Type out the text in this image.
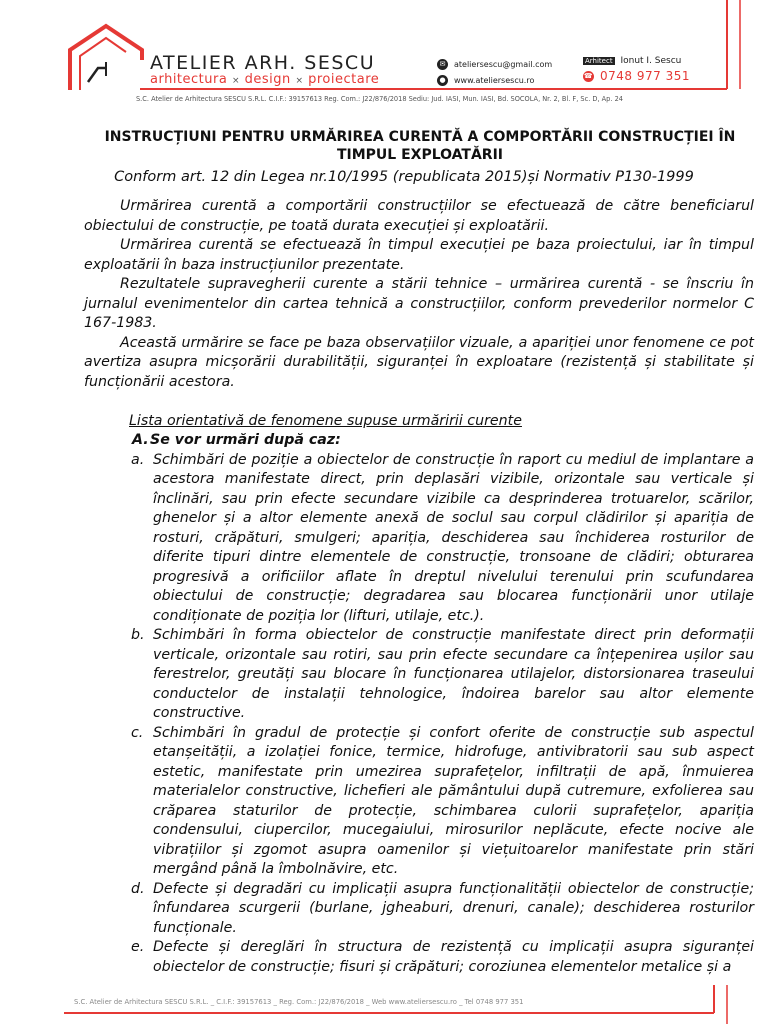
ATELIER ARH. SESCU
arhitectura × design × proiectare
✉	ateliersescu@gmail.com
●	www.ateliersescu.ro
Arhitect Ionut I. Sescu
☎ 0748 977 351
S.C. Atelier de Arhitectura SESCU S.R.L. C.I.F.: 39157613 Reg. Com.: J22/876/2018 Sediu: Jud. IASI, Mun. IASI, Bd. SOCOLA, Nr. 2, Bl. F, Sc. D, Ap. 24
INSTRUCȚIUNI PENTRU URMĂRIREA CURENTĂ A COMPORTĂRII CONSTRUCȚIEI ÎN
TIMPUL EXPLOATĂRII
Conform art. 12 din Legea nr.10/1995 (republicata 2015)și Normativ P130-1999

Urmărirea curentă a comportării construcțiilor se efectuează de către beneficiarul obiectului de construcție, pe toată durata execuției și exploatării.

Urmărirea curentă se efectuează în timpul execuției pe baza proiectului, iar în timpul exploatării în baza instrucțiunilor prezentate.

Rezultatele supravegherii curente a stării tehnice – urmărirea curentă - se înscriu în jurnalul evenimentelor din cartea tehnică a construcțiilor, conform prevederilor normelor C 167-1983.

Această urmărire se face pe baza observațiilor vizuale, a apariției unor fenomene ce pot avertiza asupra micșorării durabilității, siguranței în exploatare (rezistență și stabilitate și funcționării acestora.

Lista orientativă de fenomene supuse urmăririi curente
A. Se vor urmări după caz:
a. Schimbări de poziție a obiectelor de construcție în raport cu mediul de implantare a acestora manifestate direct, prin deplasări vizibile, orizontale sau verticale și înclinări, sau prin efecte secundare vizibile ca desprinderea trotuarelor, scărilor, ghenelor și a altor elemente anexă de soclul sau corpul clădirilor și apariția de rosturi, crăpături, smulgeri; apariția, deschiderea sau închiderea rosturilor de diferite tipuri dintre elementele de construcție, tronsoane de clădiri; obturarea progresivă a orificiilor aflate în dreptul nivelului terenului prin scufundarea obiectului de construcție; degradarea sau blocarea funcționării unor utilaje condiționate de poziția lor (lifturi, utilaje, etc.).
b. Schimbări în forma obiectelor de construcție manifestate direct prin deformații verticale, orizontale sau rotiri, sau prin efecte secundare ca înțepenirea ușilor sau ferestrelor, greutăți sau blocare în funcționarea utilajelor, distorsionarea traseului conductelor de instalații tehnologice, îndoirea barelor sau altor elemente constructive.
c. Schimbări în gradul de protecție și confort oferite de construcție sub aspectul etanșeității, a izolației fonice, termice, hidrofuge, antivibratorii sau sub aspect estetic, manifestate prin umezirea suprafețelor, infiltrații de apă, înmuierea materialelor constructive, lichefieri ale pământului după cutremure, exfolierea sau crăparea staturilor de protecție, schimbarea culorii suprafețelor, apariția condensului, ciupercilor, mucegaiului, mirosurilor neplăcute, efecte nocive ale vibrațiilor și zgomot asupra oamenilor și viețuitoarelor manifestate prin stări mergând până la îmbolnăvire, etc.
d. Defecte și degradări cu implicații asupra funcționalității obiectelor de construcție; înfundarea scurgerii (burlane, jgheaburi, drenuri, canale); deschiderea rosturilor funcționale.
e. Defecte și dereglări în structura de rezistență cu implicații asupra siguranței obiectelor de construcție; fisuri și crăpături; coroziunea elementelor metalice și a
S.C. Atelier de Arhitectura SESCU S.R.L. _ C.I.F.: 39157613 _ Reg. Com.: J22/876/2018 _ Web www.ateliersescu.ro _ Tel 0748 977 351
